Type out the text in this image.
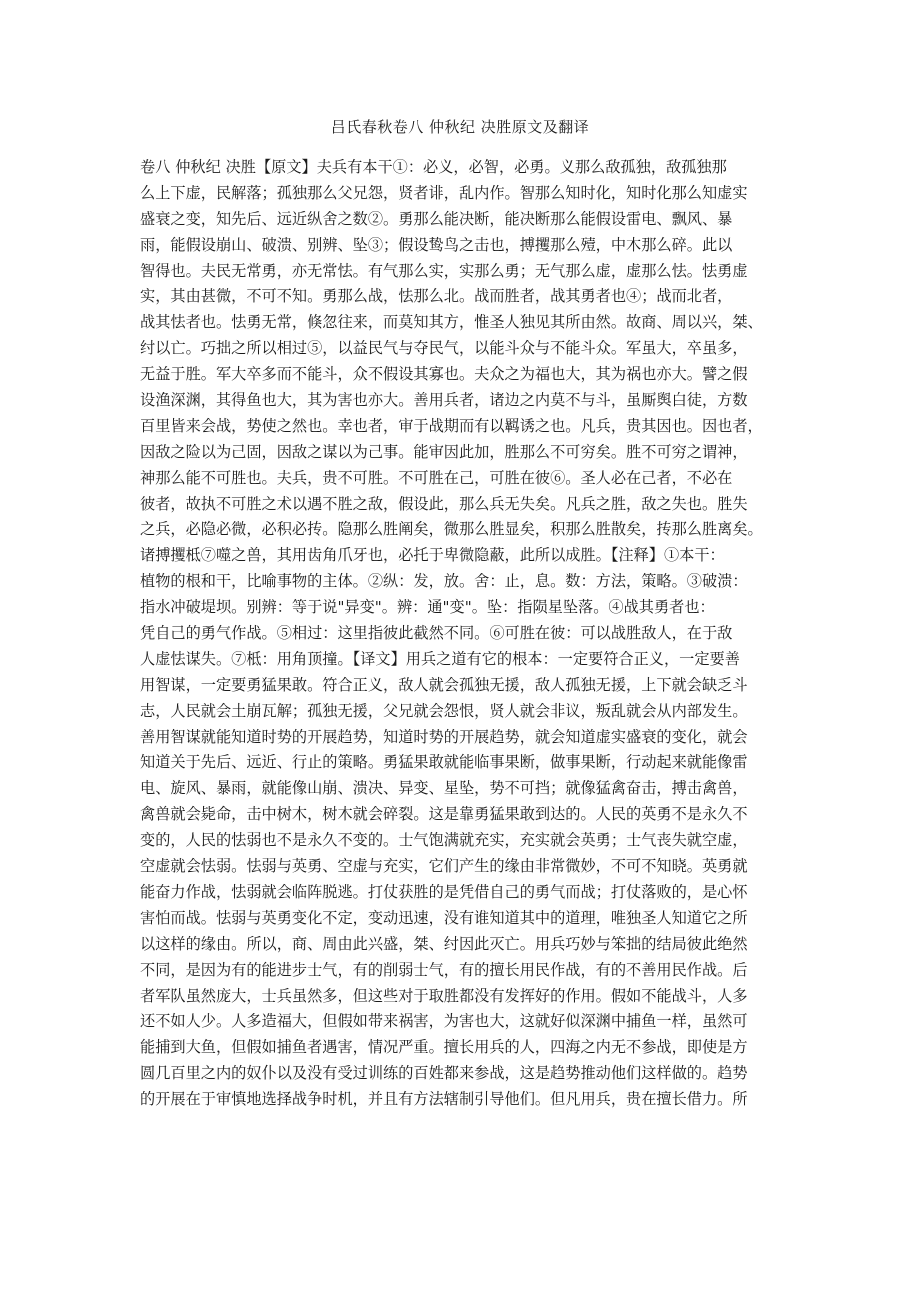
吕氏春秋卷八 仲秋纪 决胜原文及翻译
卷八 仲秋纪 决胜【原文】夫兵有本干①：必义，必智，必勇。义那么敌孤独，敌孤独那
么上下虚，民解落；孤独那么父兄怨，贤者诽，乱内作。智那么知时化，知时化那么知虚实
盛衰之变，知先后、远近纵舍之数②。勇那么能决断，能决断那么能假设雷电、飘风、暴
雨，能假设崩山、破溃、别辨、坠③；假设鸷鸟之击也，搏攫那么殪，中木那么碎。此以
智得也。夫民无常勇，亦无常怯。有气那么实，实那么勇；无气那么虚，虚那么怯。怯勇虚
实，其由甚微，不可不知。勇那么战，怯那么北。战而胜者，战其勇者也④；战而北者，
战其怯者也。怯勇无常，倏忽往来，而莫知其方，惟圣人独见其所由然。故商、周以兴，桀、
纣以亡。巧拙之所以相过⑤，以益民气与夺民气，以能斗众与不能斗众。军虽大，卒虽多，
无益于胜。军大卒多而不能斗，众不假设其寡也。夫众之为福也大，其为祸也亦大。譬之假
设渔深渊，其得鱼也大，其为害也亦大。善用兵者，诸边之内莫不与斗，虽厮舆白徒，方数
百里皆来会战，势使之然也。幸也者，审于战期而有以羁诱之也。凡兵，贵其因也。因也者，
因敌之险以为己固，因敌之谋以为己事。能审因此加，胜那么不可穷矣。胜不可穷之谓神，
神那么能不可胜也。夫兵，贵不可胜。不可胜在己，可胜在彼⑥。圣人必在己者，不必在
彼者，故执不可胜之术以遇不胜之敌，假设此，那么兵无失矣。凡兵之胜，敌之失也。胜失
之兵，必隐必微，必积必抟。隐那么胜阐矣，微那么胜显矣，积那么胜散矣，抟那么胜离矣。
诸搏攫柢⑦噬之兽，其用齿角爪牙也，必托于卑微隐蔽，此所以成胜。【注释】①本干：
植物的根和干，比喻事物的主体。②纵：发，放。舍：止，息。数：方法，策略。③破溃：
指水冲破堤坝。别辨：等于说"异变"。辨：通"变"。坠：指陨星坠落。④战其勇者也：
凭自己的勇气作战。⑤相过：这里指彼此截然不同。⑥可胜在彼：可以战胜敌人，在于敌
人虚怯谋失。⑦柢：用角顶撞。【译文】用兵之道有它的根本：一定要符合正义，一定要善
用智谋，一定要勇猛果敢。符合正义，敌人就会孤独无援，敌人孤独无援，上下就会缺乏斗
志，人民就会土崩瓦解；孤独无援，父兄就会怨恨，贤人就会非议，叛乱就会从内部发生。
善用智谋就能知道时势的开展趋势，知道时势的开展趋势，就会知道虚实盛衰的变化，就会
知道关于先后、远近、行止的策略。勇猛果敢就能临事果断，做事果断，行动起来就能像雷
电、旋风、暴雨，就能像山崩、溃决、异变、星坠，势不可挡；就像猛禽奋击，搏击禽兽，
禽兽就会毙命，击中树木，树木就会碎裂。这是靠勇猛果敢到达的。人民的英勇不是永久不
变的，人民的怯弱也不是永久不变的。士气饱满就充实，充实就会英勇；士气丧失就空虚，
空虚就会怯弱。怯弱与英勇、空虚与充实，它们产生的缘由非常微妙，不可不知晓。英勇就
能奋力作战，怯弱就会临阵脱逃。打仗获胜的是凭借自己的勇气而战；打仗落败的，是心怀
害怕而战。怯弱与英勇变化不定，变动迅速，没有谁知道其中的道理，唯独圣人知道它之所
以这样的缘由。所以，商、周由此兴盛，桀、纣因此灭亡。用兵巧妙与笨拙的结局彼此绝然
不同，是因为有的能进步士气，有的削弱士气，有的擅长用民作战，有的不善用民作战。后
者军队虽然庞大，士兵虽然多，但这些对于取胜都没有发挥好的作用。假如不能战斗，人多
还不如人少。人多造福大，但假如带来祸害，为害也大，这就好似深渊中捕鱼一样，虽然可
能捕到大鱼，但假如捕鱼者遇害，情况严重。擅长用兵的人，四海之内无不参战，即使是方
圆几百里之内的奴仆以及没有受过训练的百姓都来参战，这是趋势推动他们这样做的。趋势
的开展在于审慎地选择战争时机，并且有方法辖制引导他们。但凡用兵，贵在擅长借力。所
